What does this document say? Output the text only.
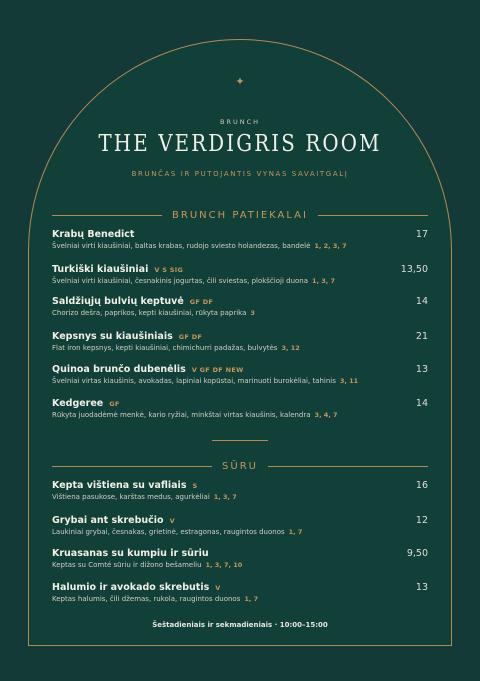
✦
BRUNCH
THE VERDIGRIS ROOM
BRUNČAS IR PUTOJANTIS VYNAS SAVAITGALĮ
BRUNCH PATIEKALAI
Krabų Benedict	17
Švelniai virti kiaušiniai, baltas krabas, rudojo sviesto holandezas, bandelė 1, 2, 3, 7
Turkiški kiaušiniai V S SIG	13,50
Švelniai virti kiaušiniai, česnakinis jogurtas, čili sviestas, plokščioji duona 1, 3, 7
Saldžiųjų bulvių keptuvė GF DF	14
Chorizo dešra, paprikos, kepti kiaušiniai, rūkyta paprika 3
Kepsnys su kiaušiniais GF DF	21
Flat iron kepsnys, kepti kiaušiniai, chimichurri padažas, bulvytės 3, 12
Quinoa brunčo dubenėlis V GF DF NEW	13
Švelniai virtas kiaušinis, avokadas, lapiniai kopūstai, marinuoti burokėliai, tahinis 3, 11
Kedgeree GF	14
Rūkyta juodadėmė menkė, kario ryžiai, minkštai virtas kiaušinis, kalendra 3, 4, 7
SŪRU
Kepta vištiena su vafliais S	16
Vištiena pasukose, karštas medus, agurkėliai 1, 3, 7
Grybai ant skrebučio V	12
Laukiniai grybai, česnakas, grietinė, estragonas, raugintos duonos 1, 7
Kruasanas su kumpiu ir sūriu	9,50
Keptas su Comté sūriu ir dižono bešameliu 1, 3, 7, 10
Halumio ir avokado skrebutis V	13
Keptas halumis, čili džemas, rukola, raugintos duonos 1, 7
Šeštadieniais ir sekmadieniais · 10:00–15:00
